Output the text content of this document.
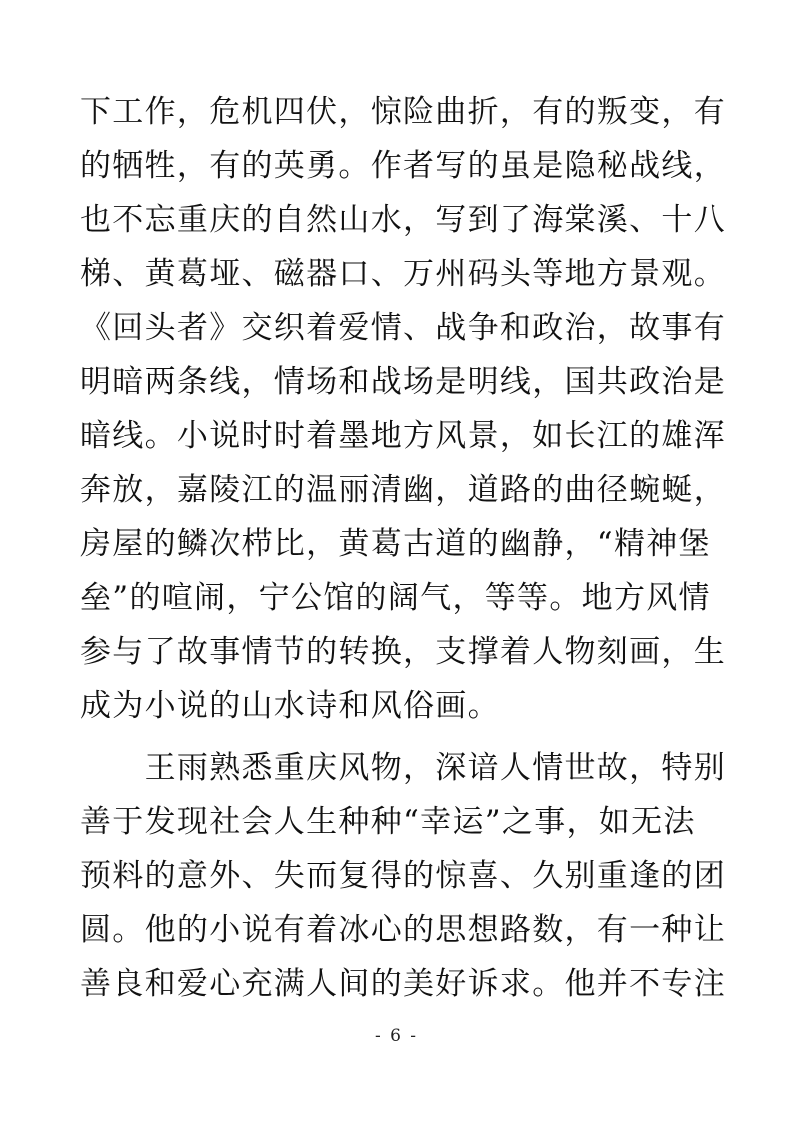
下工作，危机四伏，惊险曲折，有的叛变，有
的牺牲，有的英勇。作者写的虽是隐秘战线，
也不忘重庆的自然山水，写到了海棠溪、十八
梯、黄葛垭、磁器口、万州码头等地方景观。
《回头者》交织着爱情、战争和政治，故事有
明暗两条线，情场和战场是明线，国共政治是
暗线。小说时时着墨地方风景，如长江的雄浑
奔放，嘉陵江的温丽清幽，道路的曲径蜿蜒，
房屋的鳞次栉比，黄葛古道的幽静，“精神堡
垒”的喧闹，宁公馆的阔气，等等。地方风情
参与了故事情节的转换，支撑着人物刻画，生
成为小说的山水诗和风俗画。
　　王雨熟悉重庆风物，深谙人情世故，特别
善于发现社会人生种种“幸运”之事，如无法
预料的意外、失而复得的惊喜、久别重逢的团
圆。他的小说有着冰心的思想路数，有一种让
善良和爱心充满人间的美好诉求。他并不专注
- 6 -
